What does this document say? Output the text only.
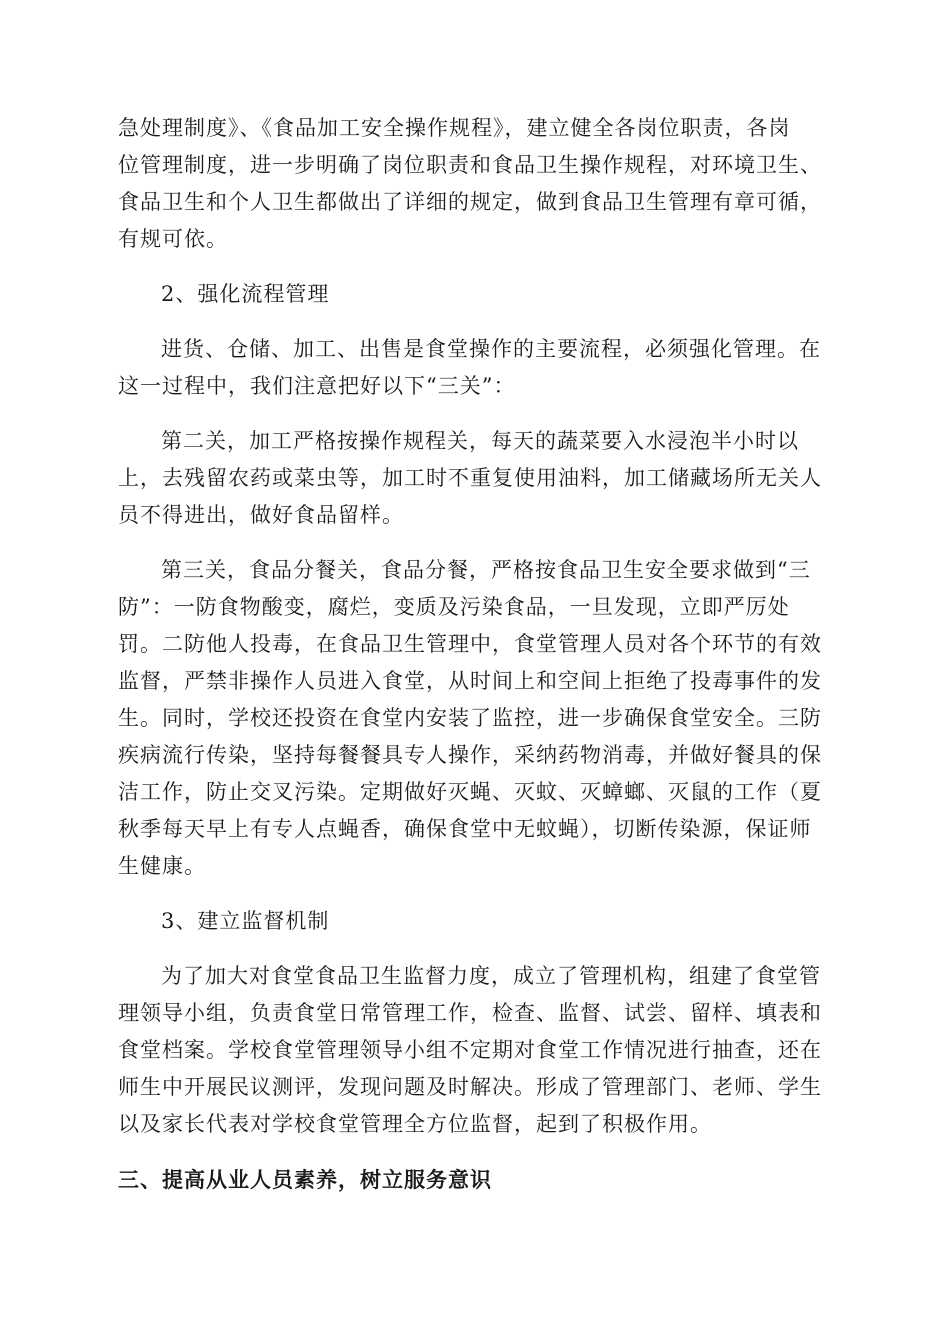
急处理制度》、《食品加工安全操作规程》，建立健全各岗位职责，各岗
位管理制度，进一步明确了岗位职责和食品卫生操作规程，对环境卫生、
食品卫生和个人卫生都做出了详细的规定，做到食品卫生管理有章可循，
有规可依。
2、强化流程管理
进货、仓储、加工、出售是食堂操作的主要流程，必须强化管理。在
这一过程中，我们注意把好以下“三关”：
第二关，加工严格按操作规程关，每天的蔬菜要入水浸泡半小时以
上，去残留农药或菜虫等，加工时不重复使用油料，加工储藏场所无关人
员不得进出，做好食品留样。
第三关，食品分餐关，食品分餐，严格按食品卫生安全要求做到“三
防”：一防食物酸变，腐烂，变质及污染食品，一旦发现，立即严厉处
罚。二防他人投毒，在食品卫生管理中，食堂管理人员对各个环节的有效
监督，严禁非操作人员进入食堂，从时间上和空间上拒绝了投毒事件的发
生。同时，学校还投资在食堂内安装了监控，进一步确保食堂安全。三防
疾病流行传染，坚持每餐餐具专人操作，采纳药物消毒，并做好餐具的保
洁工作，防止交叉污染。定期做好灭蝇、灭蚊、灭蟑螂、灭鼠的工作（夏
秋季每天早上有专人点蝇香，确保食堂中无蚊蝇），切断传染源，保证师
生健康。
3、建立监督机制
为了加大对食堂食品卫生监督力度，成立了管理机构，组建了食堂管
理领导小组，负责食堂日常管理工作，检查、监督、试尝、留样、填表和
食堂档案。学校食堂管理领导小组不定期对食堂工作情况进行抽查，还在
师生中开展民议测评，发现问题及时解决。形成了管理部门、老师、学生
以及家长代表对学校食堂管理全方位监督，起到了积极作用。
三、提高从业人员素养，树立服务意识
